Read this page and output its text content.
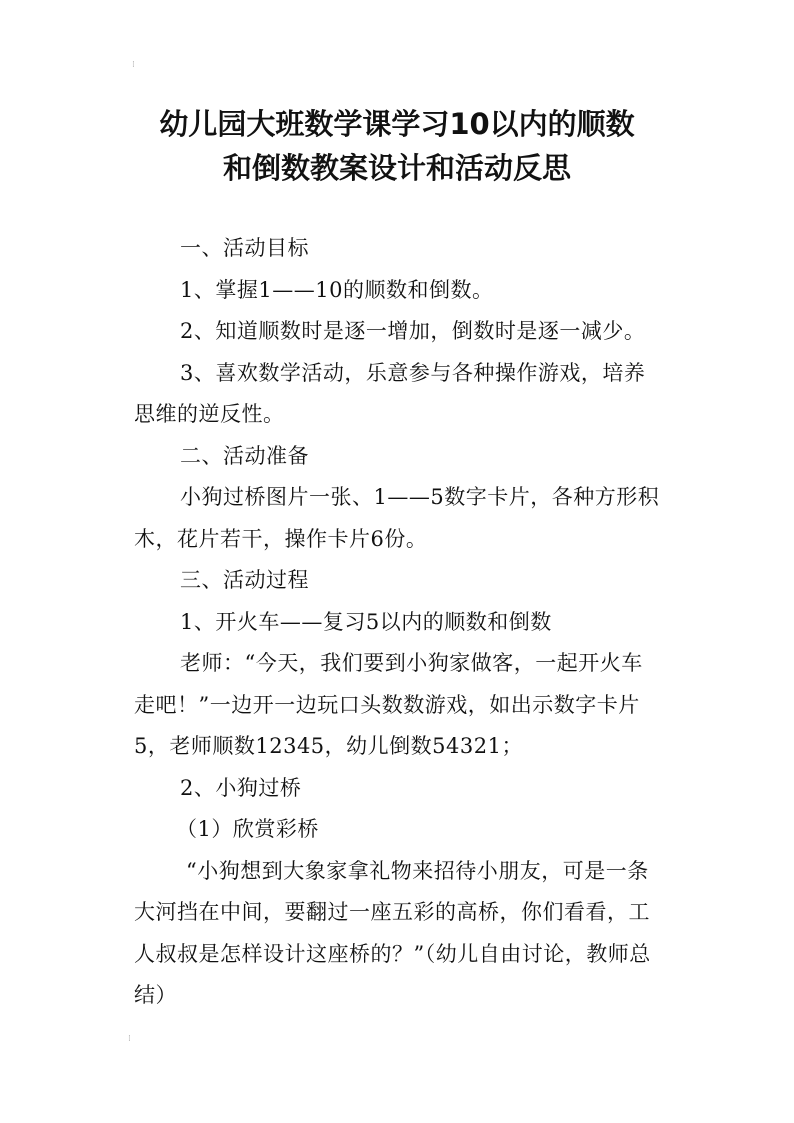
⁞
幼儿园大班数学课学习10以内的顺数
和倒数教案设计和活动反思

一、活动目标

1、掌握1——10的顺数和倒数。

2、知道顺数时是逐一增加，倒数时是逐一减少。

3、喜欢数学活动，乐意参与各种操作游戏，培养思维的逆反性。

二、活动准备

小狗过桥图片一张、1——5数字卡片，各种方形积木，花片若干，操作卡片6份。

三、活动过程

1、开火车——复习5以内的顺数和倒数

老师：“今天，我们要到小狗家做客，一起开火车走吧！”一边开一边玩口头数数游戏，如出示数字卡片5，老师顺数12345，幼儿倒数54321；

2、小狗过桥

（1）欣赏彩桥

“小狗想到大象家拿礼物来招待小朋友，可是一条大河挡在中间，要翻过一座五彩的高桥，你们看看，工人叔叔是怎样设计这座桥的？”（幼儿自由讨论，教师总结）

⁞
